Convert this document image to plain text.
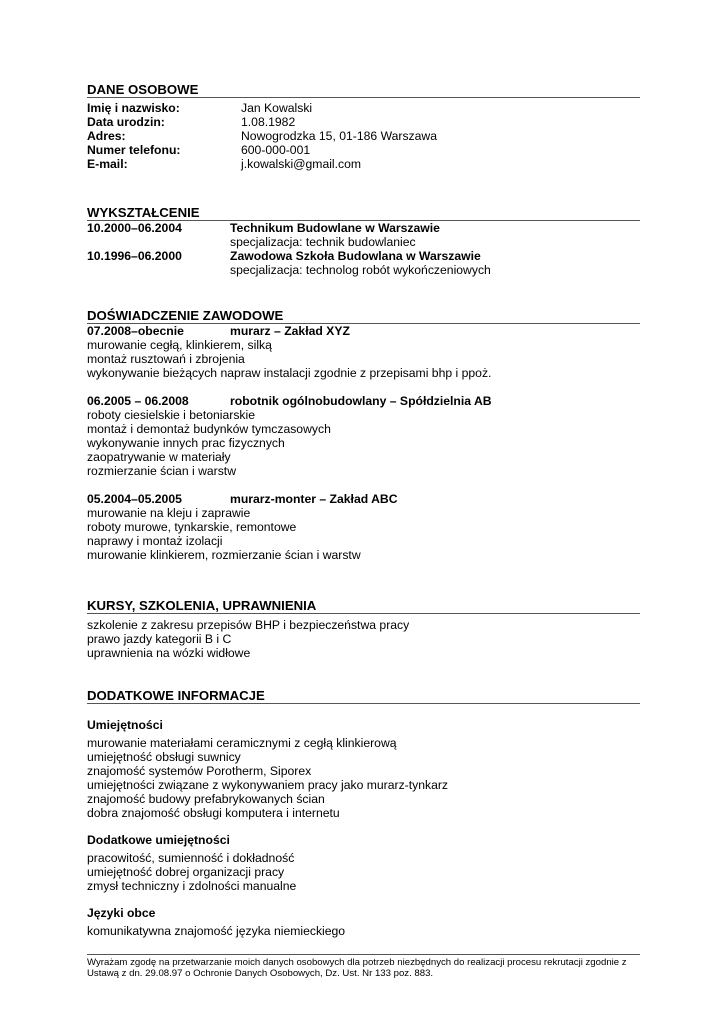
DANE OSOBOWE
Imię i nazwisko:	Jan Kowalski
Data urodzin:	1.08.1982
Adres:	Nowogrodzka 15, 01-186 Warszawa
Numer telefonu:	600-000-001
E-mail:	j.kowalski@gmail.com
WYKSZTAŁCENIE
10.2000–06.2004	Technikum Budowlane w Warszawie
specjalizacja: technik budowlaniec
10.1996–06.2000	Zawodowa Szkoła Budowlana w Warszawie
specjalizacja: technolog robót wykończeniowych
DOŚWIADCZENIE ZAWODOWE
07.2008–obecnie	murarz – Zakład XYZ
murowanie cegłą, klinkierem, silką
montaż rusztowań i zbrojenia
wykonywanie bieżących napraw instalacji zgodnie z przepisami bhp i ppoż.
06.2005 – 06.2008	robotnik ogólnobudowlany – Spółdzielnia AB
roboty ciesielskie i betoniarskie
montaż i demontaż budynków tymczasowych
wykonywanie innych prac fizycznych
zaopatrywanie w materiały
rozmierzanie ścian i warstw
05.2004–05.2005	murarz-monter – Zakład ABC
murowanie na kleju i zaprawie
roboty murowe, tynkarskie, remontowe
naprawy i montaż izolacji
murowanie klinkierem, rozmierzanie ścian i warstw
KURSY, SZKOLENIA, UPRAWNIENIA
szkolenie z zakresu przepisów BHP i bezpieczeństwa pracy
prawo jazdy kategorii B i C
uprawnienia na wózki widłowe
DODATKOWE INFORMACJE
Umiejętności
murowanie materiałami ceramicznymi z cegłą klinkierową
umiejętność obsługi suwnicy
znajomość systemów Porotherm, Siporex
umiejętności związane z wykonywaniem pracy jako murarz-tynkarz
znajomość budowy prefabrykowanych ścian
dobra znajomość obsługi komputera i internetu
Dodatkowe umiejętności
pracowitość, sumienność i dokładność
umiejętność dobrej organizacji pracy
zmysł techniczny i zdolności manualne
Języki obce
komunikatywna znajomość języka niemieckiego
Wyrażam zgodę na przetwarzanie moich danych osobowych dla potrzeb niezbędnych do realizacji procesu rekrutacji zgodnie z Ustawą z dn. 29.08.97 o Ochronie Danych Osobowych, Dz. Ust. Nr 133 poz. 883.
